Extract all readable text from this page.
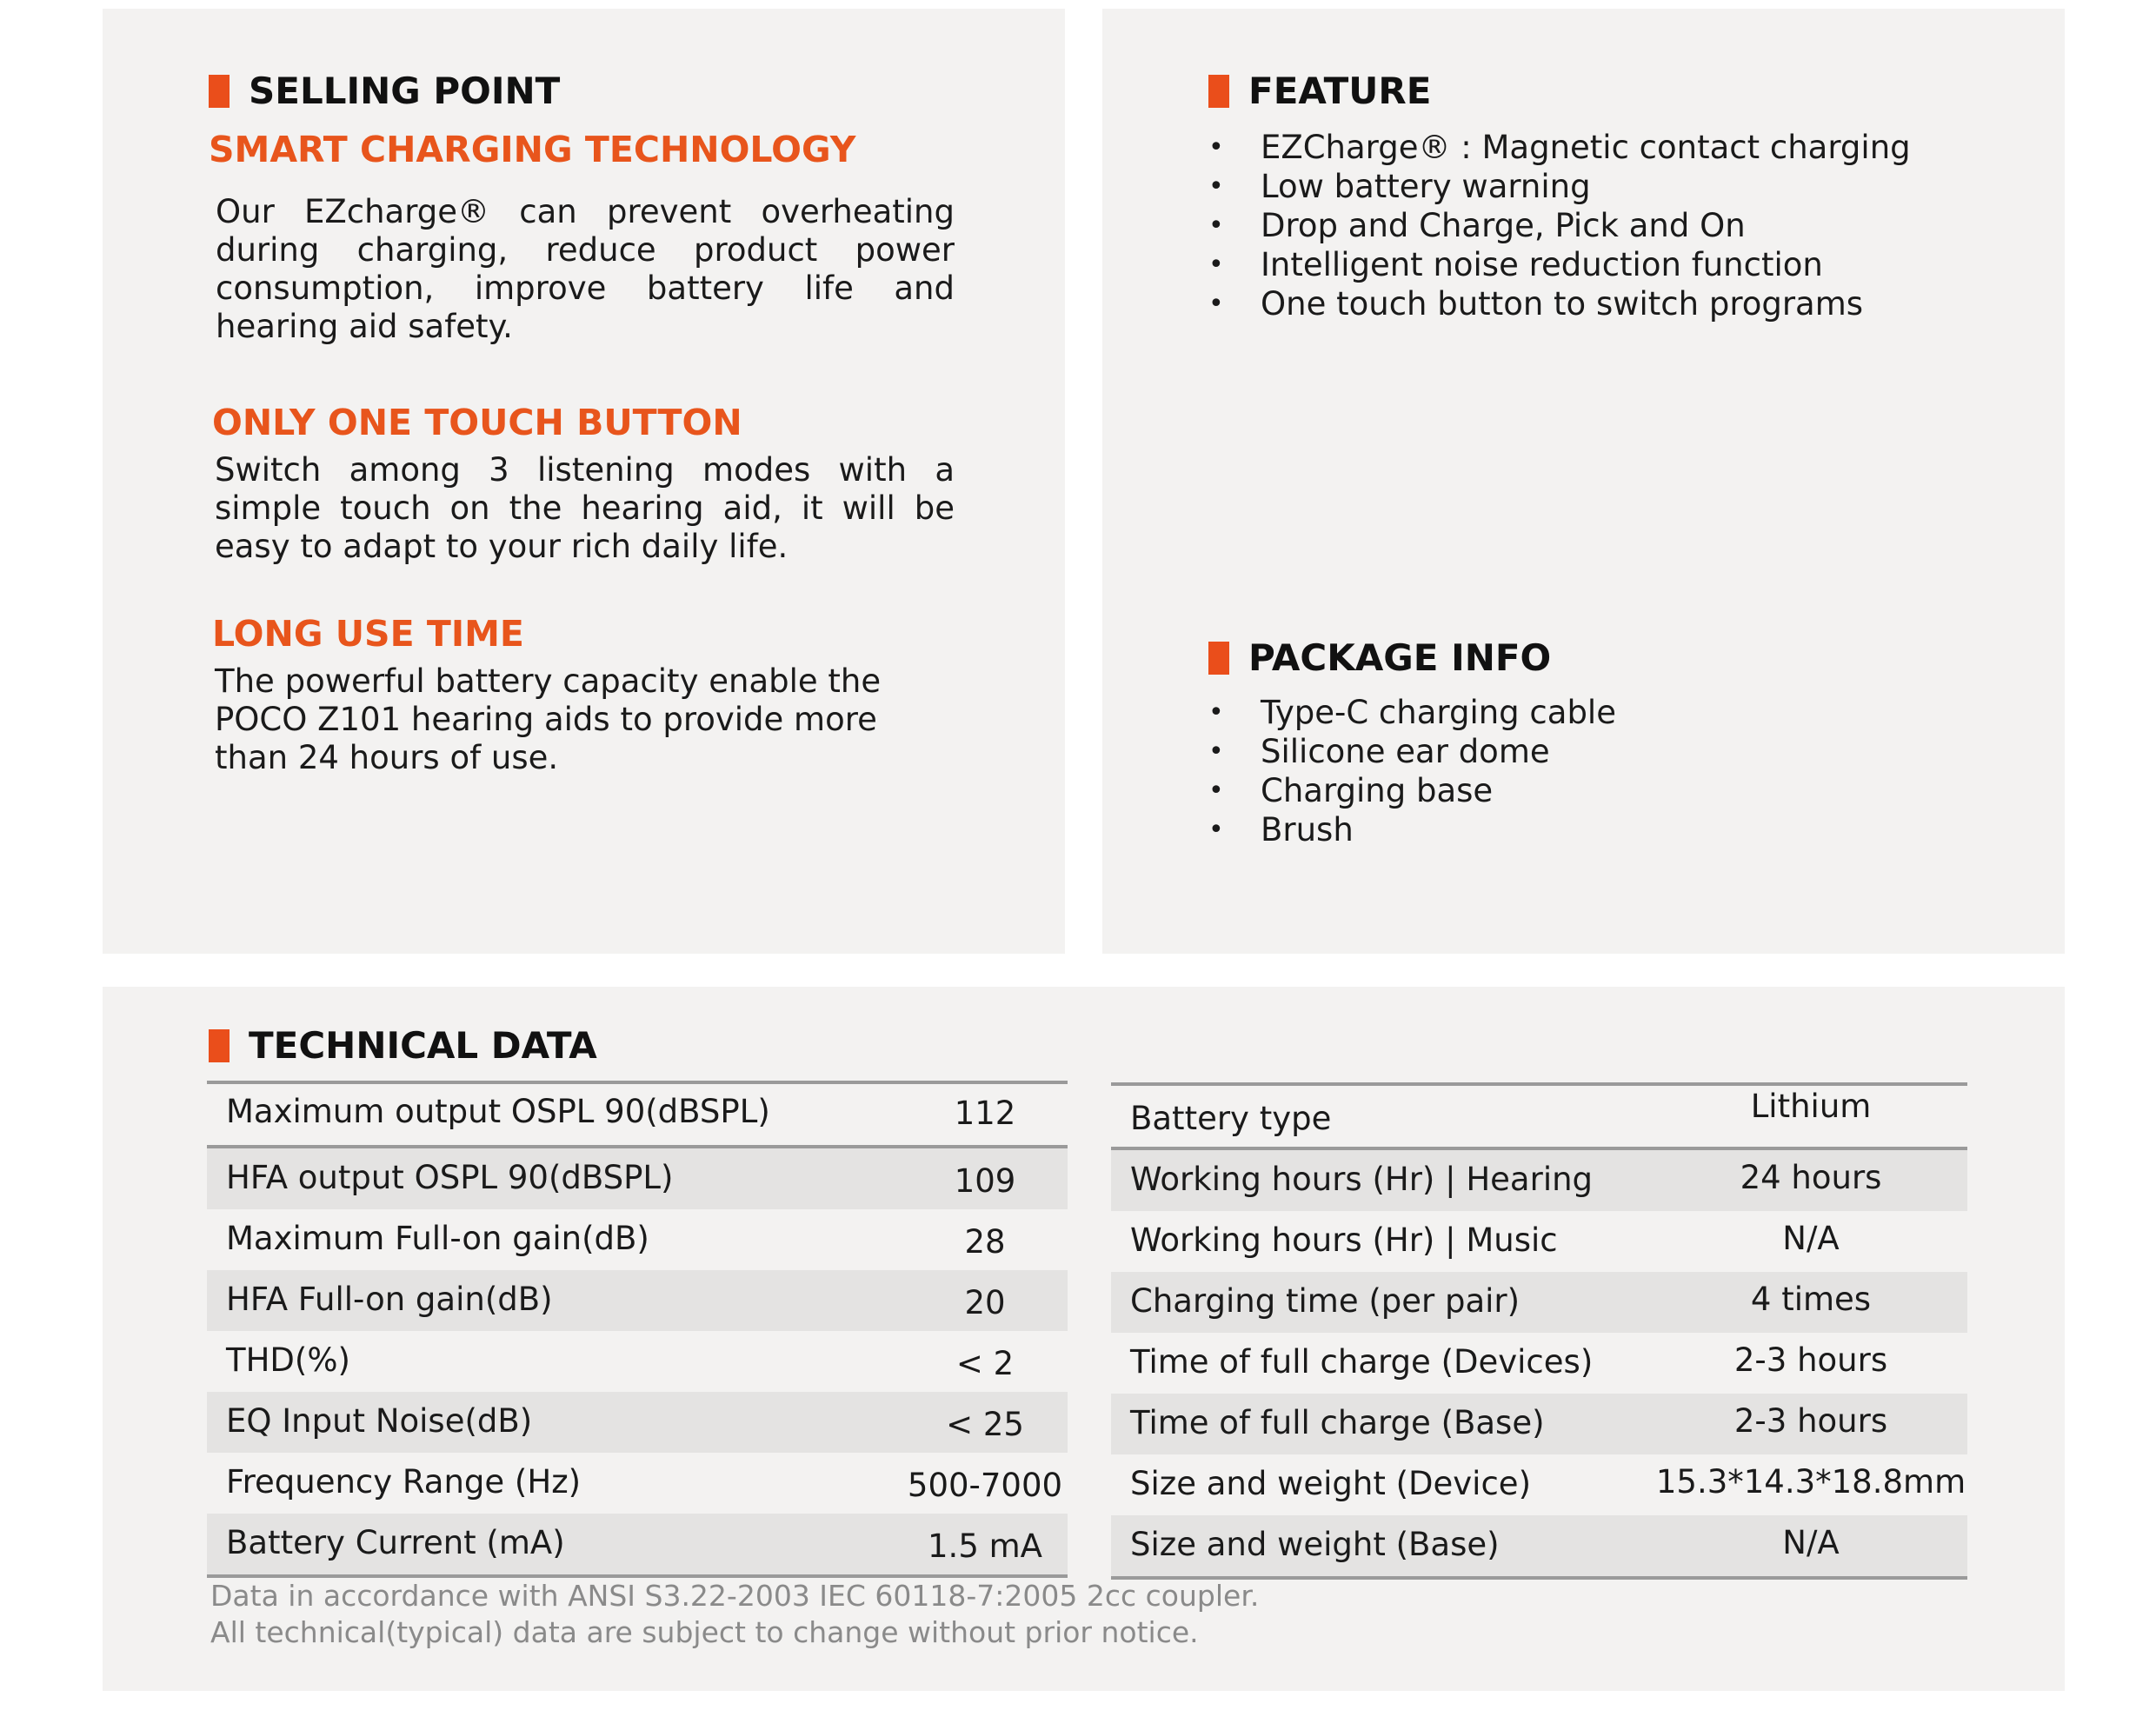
SELLING POINT
SMART CHARGING TECHNOLOGY
Our EZcharge® can prevent overheating during charging, reduce product power consumption, improve battery life and
hearing aid safety.
ONLY ONE TOUCH BUTTON
Switch among 3 listening modes with a simple touch on the hearing aid, it will be
easy to adapt to your rich daily life.
LONG USE TIME
The powerful battery capacity enable the
POCO Z101 hearing aids to provide more
than 24 hours of use.
FEATURE
• EZCharge® : Magnetic contact charging
• Low battery warning
• Drop and Charge, Pick and On
• Intelligent noise reduction function
• One touch button to switch programs
PACKAGE INFO
• Type-C charging cable
• Silicone ear dome
• Charging base
• Brush
TECHNICAL DATA
Maximum output OSPL 90(dBSPL)	112
HFA output OSPL 90(dBSPL)	109
Maximum Full-on gain(dB)	28
HFA Full-on gain(dB)	20
THD(%)	< 2
EQ Input Noise(dB)	< 25
Frequency Range (Hz)	500-7000
Battery Current (mA)	1.5 mA
Battery type	Lithium
Working hours (Hr) | Hearing	24 hours
Working hours (Hr) | Music	N/A
Charging time (per pair)	4 times
Time of full charge (Devices)	2-3 hours
Time of full charge (Base)	2-3 hours
Size and weight (Device)	15.3*14.3*18.8mm
Size and weight (Base)	N/A
Data in accordance with ANSI S3.22-2003 IEC 60118-7:2005 2cc coupler.
All technical(typical) data are subject to change without prior notice.
